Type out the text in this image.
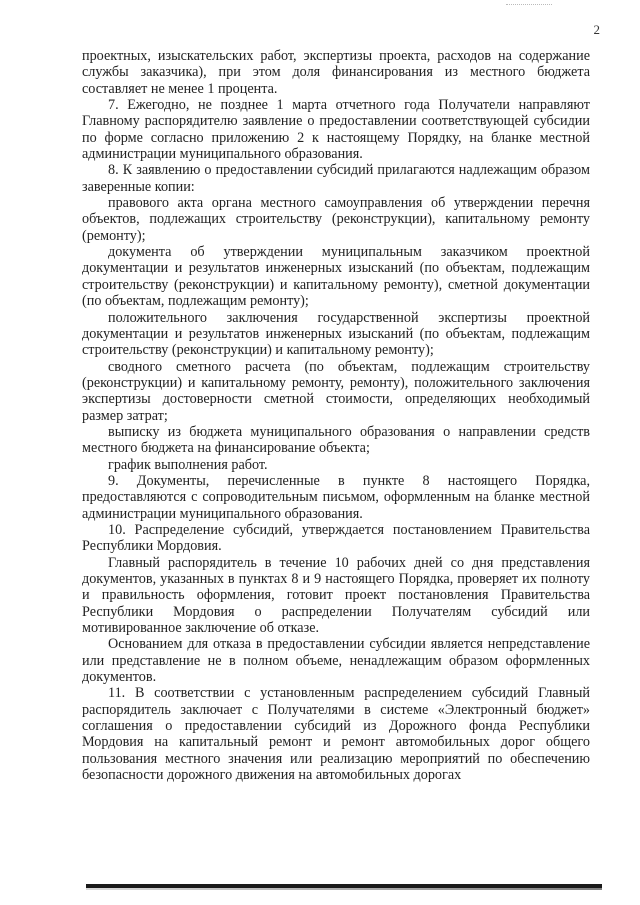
2

проектных, изыскательских работ, экспертизы проекта, расходов на содержание службы заказчика), при этом доля финансирования из местного бюджета составляет не менее 1 процента.

7. Ежегодно, не позднее 1 марта отчетного года Получатели направляют Главному распорядителю заявление о предоставлении соответствующей субсидии по форме согласно приложению 2 к настоящему Порядку, на бланке местной администрации муниципального образования.

8. К заявлению о предоставлении субсидий прилагаются надлежащим образом заверенные копии:

правового акта органа местного самоуправления об утверждении перечня объектов, подлежащих строительству (реконструкции), капитальному ремонту (ремонту);

документа об утверждении муниципальным заказчиком проектной документации и результатов инженерных изысканий (по объектам, подлежащим строительству (реконструкции) и капитальному ремонту), сметной документации (по объектам, подлежащим ремонту);

положительного заключения государственной экспертизы проектной документации и результатов инженерных изысканий (по объектам, подлежащим строительству (реконструкции) и капитальному ремонту);

сводного сметного расчета (по объектам, подлежащим строительству (реконструкции) и капитальному ремонту, ремонту), положительного заключения экспертизы достоверности сметной стоимости, определяющих необходимый размер затрат;

выписку из бюджета муниципального образования о направлении средств местного бюджета на финансирование объекта;

график выполнения работ.

9. Документы, перечисленные в пункте 8 настоящего Порядка, предоставляются с сопроводительным письмом, оформленным на бланке местной администрации муниципального образования.

10. Распределение субсидий, утверждается постановлением Правительства Республики Мордовия.

Главный распорядитель в течение 10 рабочих дней со дня представления документов, указанных в пунктах 8 и 9 настоящего Порядка, проверяет их полноту и правильность оформления, готовит проект постановления Правительства Республики Мордовия о распределении Получателям субсидий или мотивированное заключение об отказе.

Основанием для отказа в предоставлении субсидии является непредставление или представление не в полном объеме, ненадлежащим образом оформленных документов.

11. В соответствии с установленным распределением субсидий Главный распорядитель заключает с Получателями в системе «Электронный бюджет» соглашения о предоставлении субсидий из Дорожного фонда Республики Мордовия на капитальный ремонт и ремонт автомобильных дорог общего пользования местного значения или реализацию мероприятий по обеспечению безопасности дорожного движения на автомобильных дорогах
